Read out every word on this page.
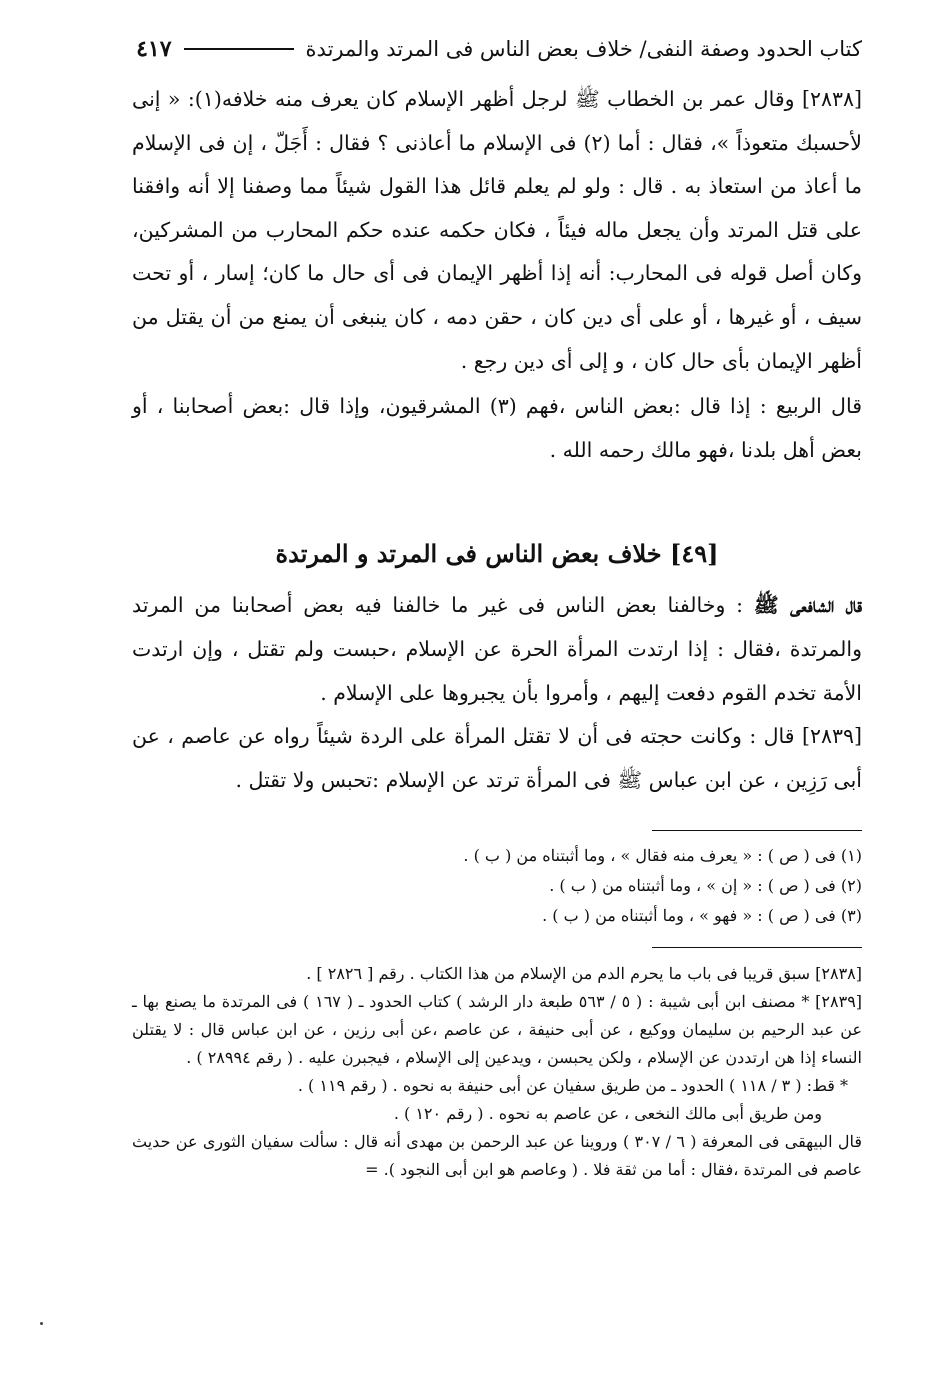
كتاب الحدود وصفة النفى/ خلاف بعض الناس فى المرتد والمرتدة
٤١٧

[٢٨٣٨] وقال عمر بن الخطاب ﷺ لرجل أظهر الإسلام كان يعرف منه خلافه(١): « إنى لأحسبك متعوذاً »، فقال : أما (٢) فى الإسلام ما أعاذنى ؟ فقال : أَجَلّ ، إن فى الإسلام ما أعاذ من استعاذ به . قال : ولو لم يعلم قائل هذا القول شيئاً مما وصفنا إلا أنه وافقنا على قتل المرتد وأن يجعل ماله فيئاً ، فكان حكمه عنده حكم المحارب من المشركين، وكان أصل قوله فى المحارب: أنه إذا أظهر الإيمان فى أى حال ما كان؛ إسار ، أو تحت سيف ، أو غيرها ، أو على أى دين كان ، حقن دمه ، كان ينبغى أن يمنع من أن يقتل من أظهر الإيمان بأى حال كان ، و إلى أى دين رجع .

قال الربيع : إذا قال :بعض الناس ،فهم (٣) المشرقيون، وإذا قال :بعض أصحابنا ، أو بعض أهل بلدنا ،فهو مالك رحمه الله .

[٤٩] خلاف بعض الناس فى المرتد و المرتدة

قال الشافعى ﷺ : وخالفنا بعض الناس فى غير ما خالفنا فيه بعض أصحابنا من المرتد والمرتدة ،فقال : إذا ارتدت المرأة الحرة عن الإسلام ،حبست ولم تقتل ، وإن ارتدت الأمة تخدم القوم دفعت إليهم ، وأمروا بأن يجبروها على الإسلام .

[٢٨٣٩] قال : وكانت حجته فى أن لا تقتل المرأة على الردة شيئاً رواه عن عاصم ، عن أبى رَزِين ، عن ابن عباس ﷺ فى المرأة ترتد عن الإسلام :تحبس ولا تقتل .

(١) فى ( ص ) : « يعرف منه فقال » ، وما أثبتناه من ( ب ) .

(٢) فى ( ص ) : « إن » ، وما أثبتناه من ( ب ) .

(٣) فى ( ص ) : « فهو » ، وما أثبتناه من ( ب ) .

[٢٨٣٨] سبق قريبا فى باب ما يحرم الدم من الإسلام من هذا الكتاب . رقم [ ٢٨٢٦ ] .

[٢٨٣٩] * مصنف ابن أبى شيبة : ( ٥ / ٥٦٣ طبعة دار الرشد ) كتاب الحدود ـ ( ١٦٧ ) فى المرتدة ما يصنع بها ـ عن عبد الرحيم بن سليمان ووكيع ، عن أبى حنيفة ، عن عاصم ،عن أبى رزين ، عن ابن عباس قال : لا يقتلن النساء إذا هن ارتددن عن الإسلام ، ولكن يحبسن ، ويدعين إلى الإسلام ، فيجبرن عليه . ( رقم ٢٨٩٩٤ ) .

* قط: ( ٣ / ١١٨ ) الحدود ـ من طريق سفيان عن أبى حنيفة به نحوه . ( رقم ١١٩ ) .

ومن طريق أبى مالك النخعى ، عن عاصم به نحوه . ( رقم ١٢٠ ) .

قال البيهقى فى المعرفة ( ٦ / ٣٠٧ ) وروينا عن عبد الرحمن بن مهدى أنه قال : سألت سفيان الثورى عن حديث عاصم فى المرتدة ،فقال : أما من ثقة فلا . ( وعاصم هو ابن أبى النجود ). =
